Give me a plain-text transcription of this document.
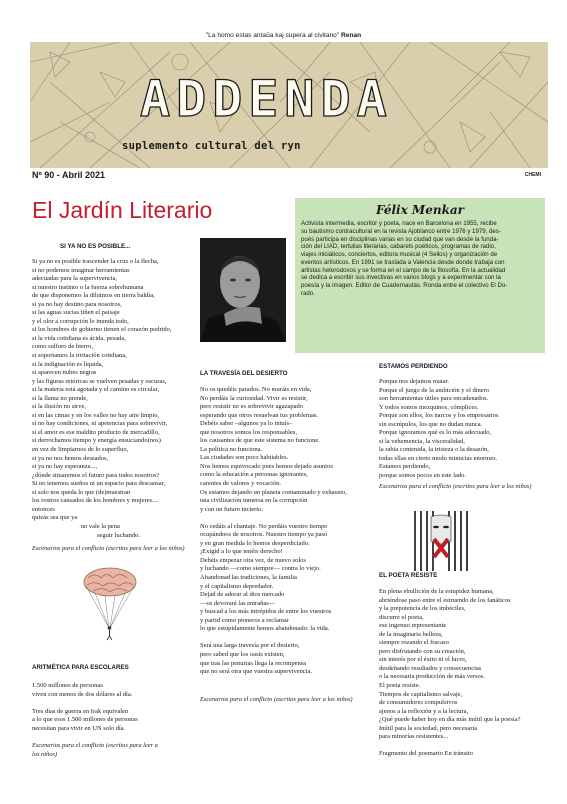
"La homo estas antaŭa kaj supera al civitano" Renan
ADDENDA
suplemento cultural del ryn
Nº 90 - Abril 2021	CHEMI
El Jardín Literario	Félix Menkar
Activista intermedia, escritor y poeta, nace en Barcelona en 1955, recibe
su bautismo contracultural en la revista Ajoblanco entre 1976 y 1979, des-
pués participa en disciplinas varias en su ciudad que van desde la funda-
ción del LIAD, tertulias literarias, cabarets poéticos, programas de radio,
viajes iniciáticos, conciertos, editora musical (4 Sellos) y organización de
eventos artísticos. En 1991 se traslada a Valencia desde donde trabaja con
artistas heterodoxos y se forma en el campo de la filosofía. En la actualidad
se dedica a escribir sus invectivas en varios blogs y a experimentar con la
poesía y la imagen. Editor de Cuadernautas. Ronda entre el colectivo El Do-
rado.
SI YA NO ES POSIBLE...
Si ya no es posible trascender la cruz o la flecha,
si no podemos imaginar herramientas
adecuadas para la supervivencia,
si nuestro instinto o la fuerza sobrehumana
de que disponemos la diluimos en tierra baldía,
si ya no hay destino para nosotros,
si las aguas sucias tiñen el paisaje
y el olor a corrupción lo inunda todo,
si los hombres de gobierno tienen el corazón podrido,
si la vida cotidiana es ácida, pesada,
como sulfuro de hierro,
si soportamos la irritación cotidiana,
si la indignación es líquida,
si aparecen nubes negras
y las figuras retóricas se vuelven pesadas y oscuras,
si la materia está agotada y el camino es circular,
si la llama no prende,
si la ilusión no sirve,
si en las cimas y en los valles no hay aire limpio,
si no hay condiciones, ni apetencias para sobrevivir,
si el amor es ese maldito producto de mercadillo,
si derrochamos tiempo y energía ensuciando(nos)
en vez de limpiarnos de lo superfluo,
si ya no nos hemos deseados,
si ya no hay esperanza...,
¿dónde situaremos el futuro para todos nosotros?
Si no tenemos sueños ni un espacio para descansar,
si solo nos queda lo que (de)muestran
los rostros cansados de los hombres y mujeres....
entonces
quizás sea que ya
no vale la pena
seguir luchando.
Escenarios para el conflicto (escritos para leer a los niños)
ARITMÉTICA PARA ESCOLARES
1.500 millones de personas
viven con menos de dos dólares al día.

Tres días de guerra en Irak equivalen
a lo que esos 1.500 millones de personas
necesitan para vivir en UN solo día.
Escenarios para el conflicto (escritos para leer a
los niños)
LA TRAVESÍA DEL DESIERTO
No os quedéis parados. No muráis en vida,
No perdáis la curiosidad. Vivir es resistir,
pero resistir no es sobrevivir agazapado
esperando que otros resuelvan tus problemas.
Debéis saber –algunos ya lo intuís–
que nosotros somos los responsables,
los causantes de que este sistema no funcione.
La política no funciona.
Las ciudades son poco habitables.
Nos hemos equivocado pues hemos dejado asuntos
como la educación a personas ignorantes,
carentes de valores y vocación.
Os estamos dejando un planeta contaminado y exhausto,
una civilización inmersa en la corrupción
y con un futuro incierto.

No cedáis al chantaje. No perdáis vuestro tiempo
ocupándoos de nosotros. Nuestro tiempo ya pasó
y en gran medida lo hemos desperdiciado.
¡Exigid a lo que tenéis derecho!
Debéis empezar otra vez, de nuevo solos
y luchando —como siempre— contra lo viejo.
Abandonad las tradiciones, la familia
y el capitalismo depredador.
Dejad de adorar al dios mercado
—os devorará las entrañas—
y buscad a los más intrépidos de entre los vuestros
y partid como pioneros a reclamar
lo que estúpidamente hemos abandonado: la vida.

Será una larga travesía por el desierto,
pero sabed que los oasis existen,
que tras las penurias llega la recompensa
que no será otra que vuestra supervivencia.
Escenarios para el conflicto (escritos para leer a los niños)
ESTAMOS PERDIENDO
Porque nos dejamos matar.
Porque el juego de la ambición y el dinero
son herramientas útiles para encadenados.
Y todos somos mezquinos, cómplices.
Porque son ellos, los narcos y los empresarios
sin escrúpulos, los que no dudan nunca.
Porque ignoramos qué es lo más adecuado,
si la vehemencia, la visceralidad,
la rabia contenida, la tristeza o la desazón,
todas ellas en cierto modo minucias enormes.
Estamos perdiendo,
porque somos pocos en este lado.
Escenarios para el conflicto (escritos para leer a los niños)
EL POETA RESISTE
En plena ebullición de la estupidez humana,
abriéndose paso entre el estruendo de los fanáticos
y la prepotencia de los imbéciles,
discurre el poeta,
ese ingenuo representante
de la imaginaria belleza,
siempre rozando el fracaso
pero disfrutando con su creación,
sin interés por el éxito ni el lucro,
desdeñando resultados y consecuencias
o la necesaria producción de más versos.
El poeta resiste.
Tiempos de capitalismo salvaje,
de consumidores compulsivos
ajenos a la reflexión y a la lectura,
¿Qué puede haber hoy en día más inútil que la poesía?
Inútil para la sociedad, pero necesaria
para minorías resistentes...

Fragmento del poemario En tránsito
